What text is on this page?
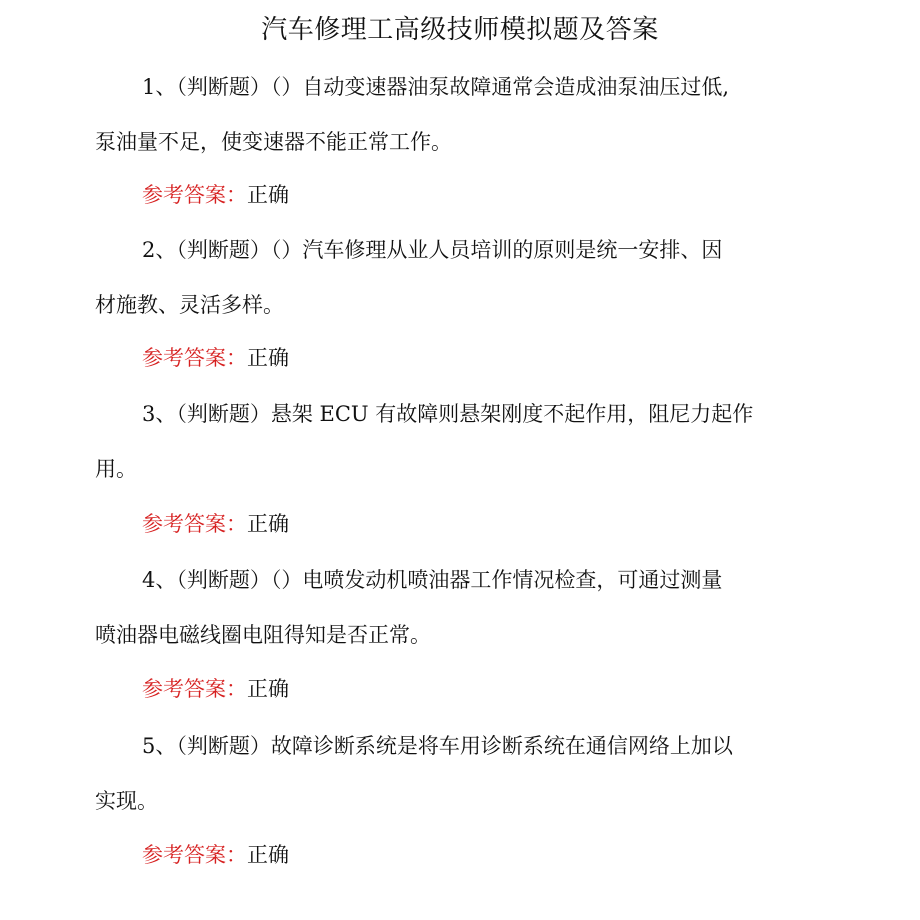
汽车修理工高级技师模拟题及答案
1、（判断题）（）自动变速器油泵故障通常会造成油泵油压过低,
泵油量不足，使变速器不能正常工作。
参考答案：正确
2、（判断题）（）汽车修理从业人员培训的原则是统一安排、因
材施教、灵活多样。
参考答案：正确
3、（判断题）悬架 ECU 有故障则悬架刚度不起作用，阻尼力起作
用。
参考答案：正确
4、（判断题）（）电喷发动机喷油器工作情况检查，可通过测量
喷油器电磁线圈电阻得知是否正常。
参考答案：正确
5、（判断题）故障诊断系统是将车用诊断系统在通信网络上加以
实现。
参考答案：正确
